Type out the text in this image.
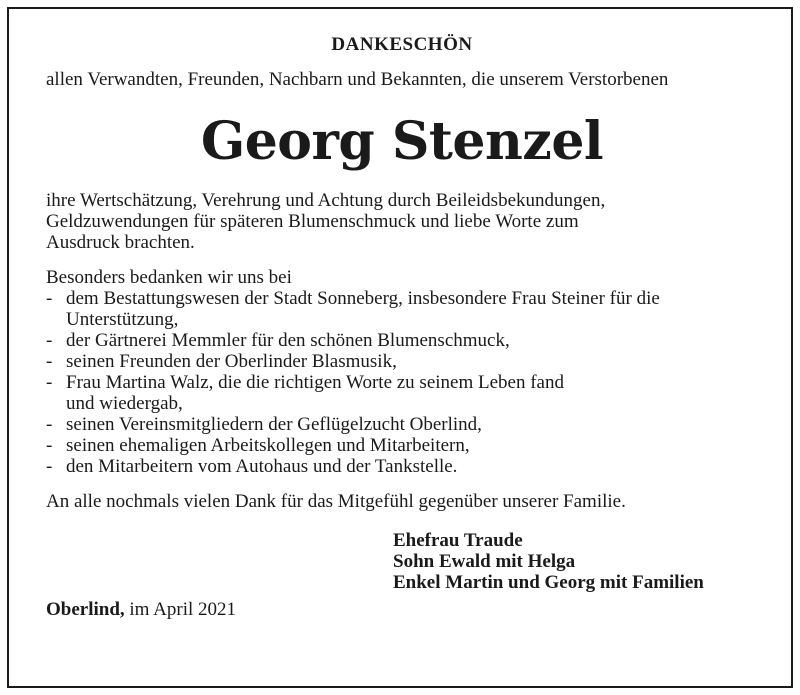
DANKESCHÖN

allen Verwandten, Freunden, Nachbarn und Bekannten, die unserem Verstorbenen

Georg Stenzel

ihre Wertschätzung, Verehrung und Achtung durch Beileidsbekundungen,

Geldzuwendungen für späteren Blumenschmuck und liebe Worte zum

Ausdruck brachten.

Besonders bedanken wir uns bei

- dem Bestattungswesen der Stadt Sonneberg, insbesondere Frau Steiner für die
Unterstützung,
- der Gärtnerei Memmler für den schönen Blumenschmuck,
- seinen Freunden der Oberlinder Blasmusik,
- Frau Martina Walz, die die richtigen Worte zu seinem Leben fand
und wiedergab,
- seinen Vereinsmitgliedern der Geflügelzucht Oberlind,
- seinen ehemaligen Arbeitskollegen und Mitarbeitern,
- den Mitarbeitern vom Autohaus und der Tankstelle.

An alle nochmals vielen Dank für das Mitgefühl gegenüber unserer Familie.

Ehefrau Traude
Sohn Ewald mit Helga
Enkel Martin und Georg mit Familien
Oberlind, im April 2021
